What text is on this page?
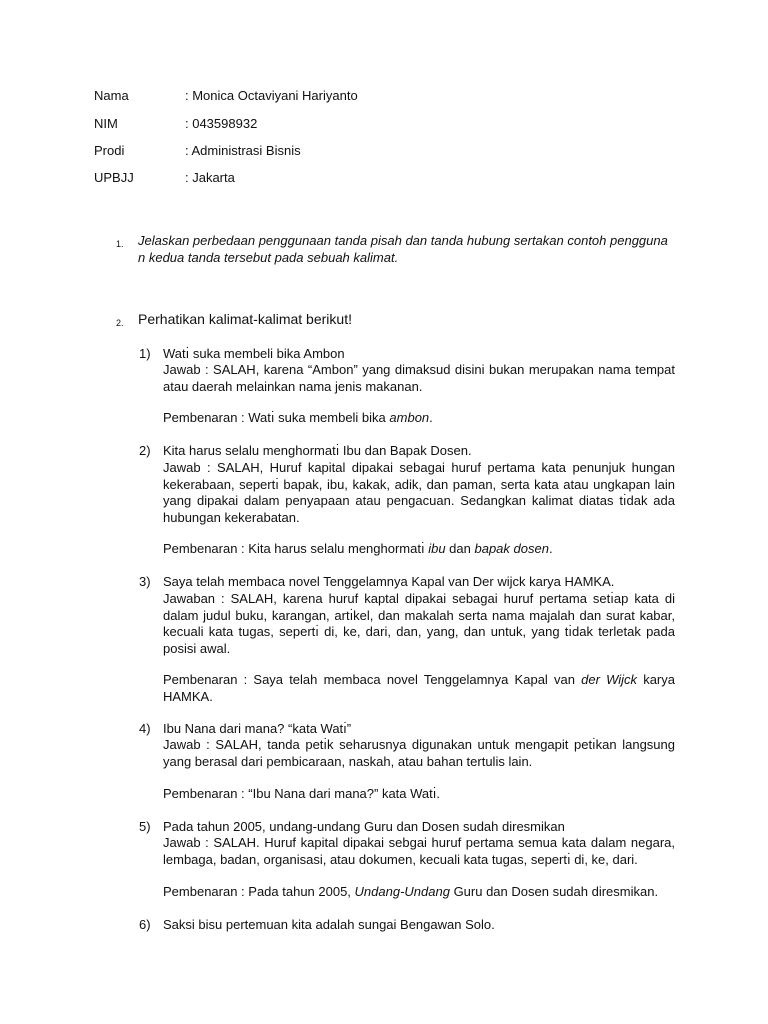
Nama	: Monica Octaviyani Hariyanto
NIM	: 043598932
Prodi	: Administrasi Bisnis
UPBJJ	: Jakarta
1. Jelaskan perbedaan penggunaan tanda pisah dan tanda hubung sertakan contoh pengguna
n kedua tanda tersebut pada sebuah kalimat.
2. Perhatikan kalimat-kalimat berikut!
1) Watı̇ suka membeli bika Ambon
Jawab : SALAH, karena “Ambon” yang dimaksud disini bukan merupakan nama tempat atau daerah melainkan nama jenis makanan.
Pembenaran : Watı̇ suka membeli bika ambon.
2) Kita harus selalu menghormatı̇ Ibu dan Bapak Dosen.
Jawab : SALAH, Huruf kapital dipakai sebagai huruf pertama kata penunjuk hungan kekerabaan, sepertı̇ bapak, ibu, kakak, adik, dan paman, serta kata atau ungkapan lain yang dipakai dalam penyapaan atau pengacuan. Sedangkan kalimat diatas tı̇dak ada hubungan kekerabatan.
Pembenaran : Kita harus selalu menghormatı̇ ibu dan bapak dosen.
3) Saya telah membaca novel Tenggelamnya Kapal van Der wijck karya HAMKA.
Jawaban : SALAH, karena huruf kaptal dipakai sebagai huruf pertama setı̇ap kata di dalam judul buku, karangan, artı̇kel, dan makalah serta nama majalah dan surat kabar, kecuali kata tugas, sepertı̇ di, ke, dari, dan, yang, dan untuk, yang tı̇dak terletak pada posisi awal.
Pembenaran : Saya telah membaca novel Tenggelamnya Kapal van der Wijck karya HAMKA.
4) Ibu Nana dari mana? “kata Watı̇”
Jawab : SALAH, tanda petı̇k seharusnya digunakan untuk mengapit petı̇kan langsung yang berasal dari pembicaraan, naskah, atau bahan tertulis lain.
Pembenaran : “Ibu Nana dari mana?” kata Watı̇.
5) Pada tahun 2005, undang-undang Guru dan Dosen sudah diresmikan
Jawab : SALAH. Huruf kapital dipakai sebgai huruf pertama semua kata dalam negara, lembaga, badan, organisasi, atau dokumen, kecuali kata tugas, sepertı̇ di, ke, dari.
Pembenaran : Pada tahun 2005, Undang-Undang Guru dan Dosen sudah diresmikan.
6) Saksi bisu pertemuan kita adalah sungai Bengawan Solo.
